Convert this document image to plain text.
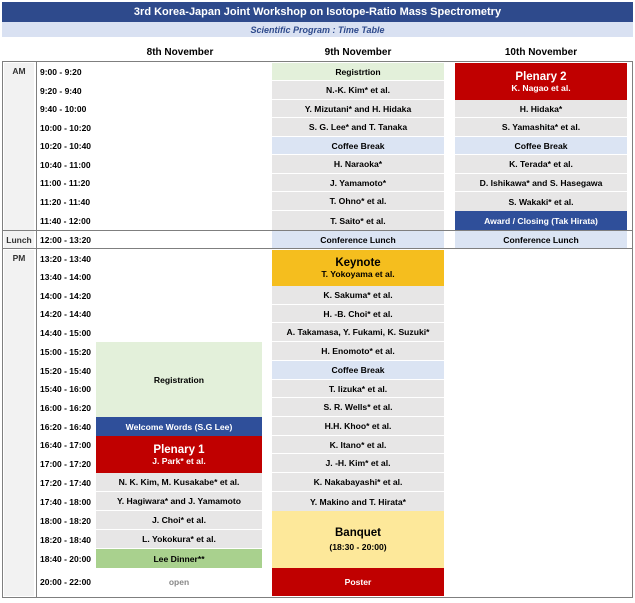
3rd Korea-Japan Joint Workshop on Isotope-Ratio Mass Spectrometry
Scientific Program : Time Table
8th November	9th November	10th November
AM
Lunch
PM
9:00 - 9:20
9:20 - 9:40
9:40 - 10:00
10:00 - 10:20
10:20 - 10:40
10:40 - 11:00
11:00 - 11:20
11:20 - 11:40
11:40 - 12:00
12:00 - 13:20
13:20 - 13:40
13:40 - 14:00
14:00 - 14:20
14:20 - 14:40
14:40 - 15:00
15:00 - 15:20
15:20 - 15:40
15:40 - 16:00
16:00 - 16:20
16:20 - 16:40
16:40 - 17:00
17:00 - 17:20
17:20 - 17:40
17:40 - 18:00
18:00 - 18:20
18:20 - 18:40
18:40 - 20:00
20:00 - 22:00
Registration
Welcome Words (S.G Lee)
Plenary 1
J. Park* et al.
N. K. Kim, M. Kusakabe* et al.
Y. Hagiwara* and J. Yamamoto
J. Choi* et al.
L. Yokokura* et al.
Lee Dinner**
open
Registrtion
N.-K. Kim* et al.
Y. Mizutani* and H. Hidaka
S. G. Lee* and T. Tanaka
Coffee Break
H. Naraoka*
J. Yamamoto*
T. Ohno* et al.
T. Saito* et al.
Conference Lunch
Keynote
T. Yokoyama et al.
K. Sakuma* et al.
H. -B. Choi* et al.
A. Takamasa, Y. Fukami, K. Suzuki*
H. Enomoto* et al.
Coffee Break
T. Iizuka* et al.
S. R. Wells* et al.
H.H. Khoo* et al.
K. Itano* et al.
J. -H. Kim* et al.
K. Nakabayashi* et al.
Y. Makino and T. Hirata*
Banquet
(18:30 - 20:00)
Poster
Plenary 2
K. Nagao et al.
H. Hidaka*
S. Yamashita* et al.
Coffee Break
K. Terada* et al.
D. Ishikawa* and S. Hasegawa
S. Wakaki* et al.
Award / Closing (Tak Hirata)
Conference Lunch
